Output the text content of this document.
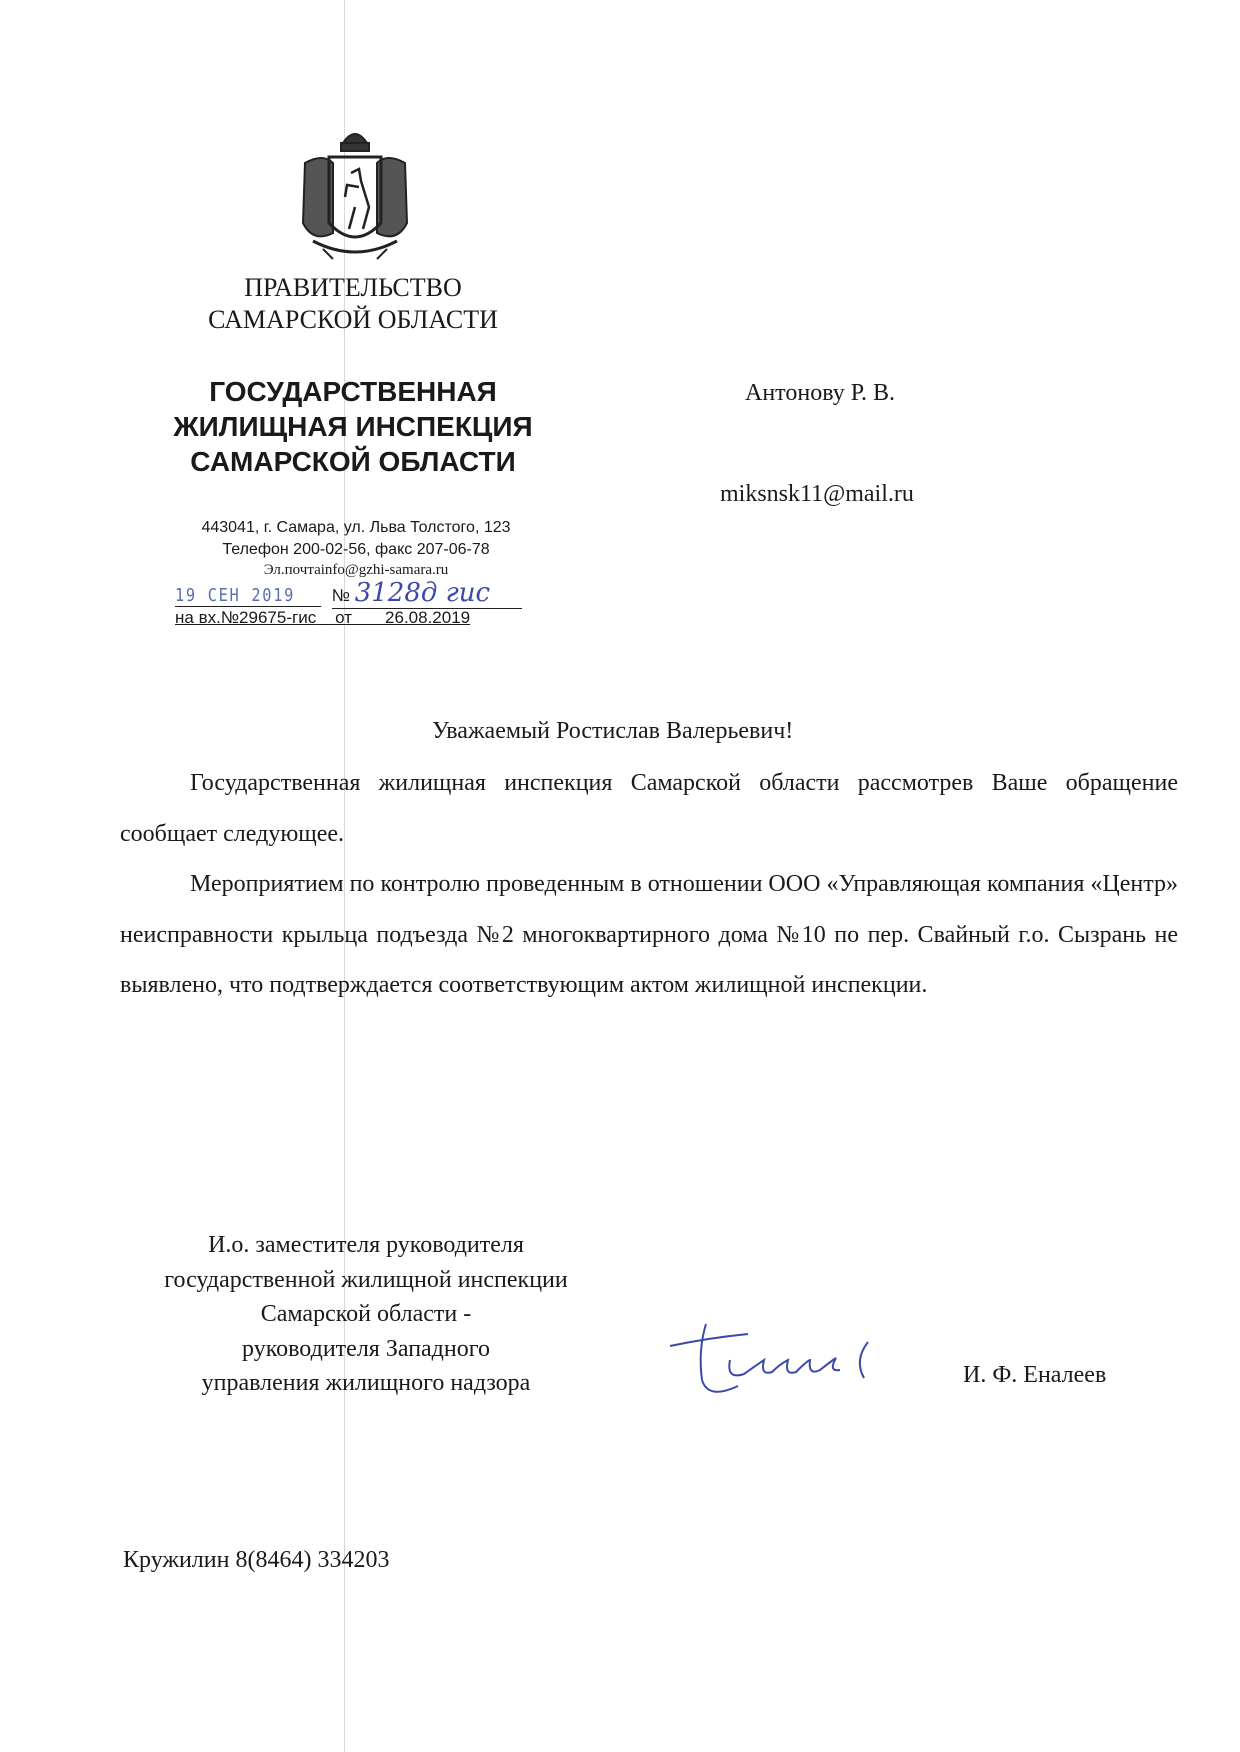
ПРАВИТЕЛЬСТВО
САМАРСКОЙ ОБЛАСТИ
ГОСУДАРСТВЕННАЯ
ЖИЛИЩНАЯ ИНСПЕКЦИЯ
САМАРСКОЙ ОБЛАСТИ
443041, г. Самара, ул. Льва Толстого, 123
Телефон 200-02-56, факс 207-06-78
Эл.почтаinfo@gzhi-samara.ru
19 СЕН 2019 № 3128д гис
на вх.№29675-гис от 26.08.2019
Антонову Р. В.
miksnsk11@mail.ru
Уважаемый Ростислав Валерьевич!
Государственная жилищная инспекция Самарской области рассмотрев Ваше обращение сообщает следующее.
Мероприятием по контролю проведенным в отношении ООО «Управляющая компания «Центр» неисправности крыльца подъезда №2 многоквартирного дома №10 по пер. Свайный г.о. Сызрань не выявлено, что подтверждается соответствующим актом жилищной инспекции.
И.о. заместителя руководителя
государственной жилищной инспекции
Самарской области -
руководителя Западного
управления жилищного надзора	И. Ф. Еналеев
Кружилин 8(8464) 334203
